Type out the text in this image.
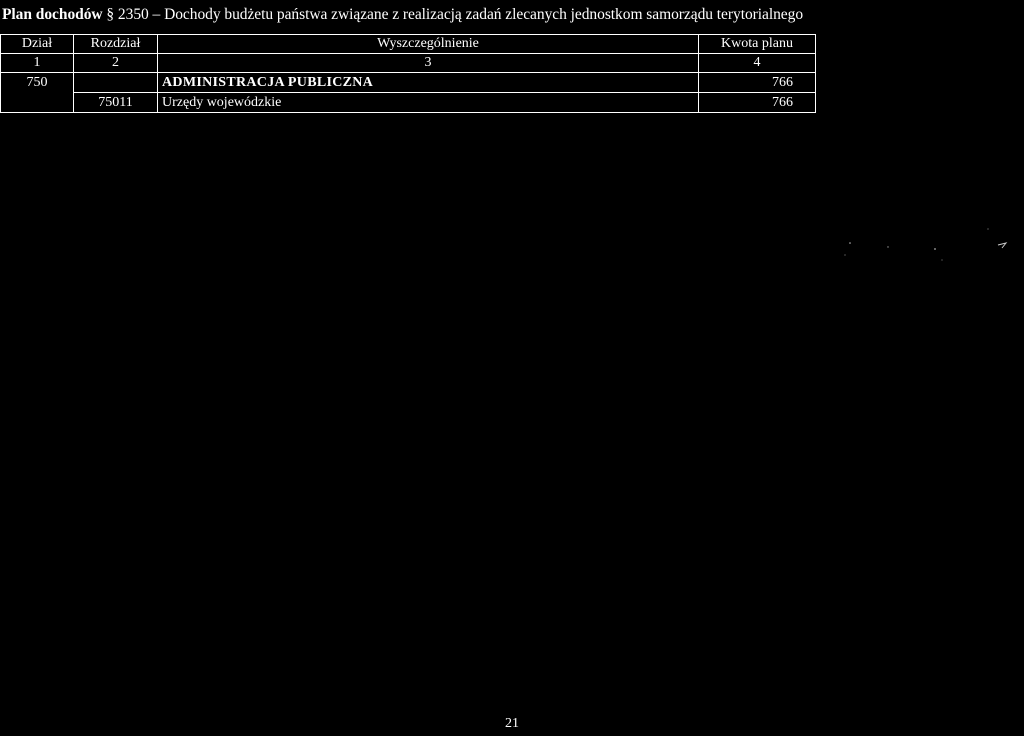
Plan dochodów § 2350 – Dochody budżetu państwa związane z realizacją zadań zlecanych jednostkom samorządu terytorialnego
Dział	Rozdział	Wyszczególnienie	Kwota planu
1	2	3	4
750		ADMINISTRACJA PUBLICZNA	766
	75011	Urzędy wojewódzkie	766
21
